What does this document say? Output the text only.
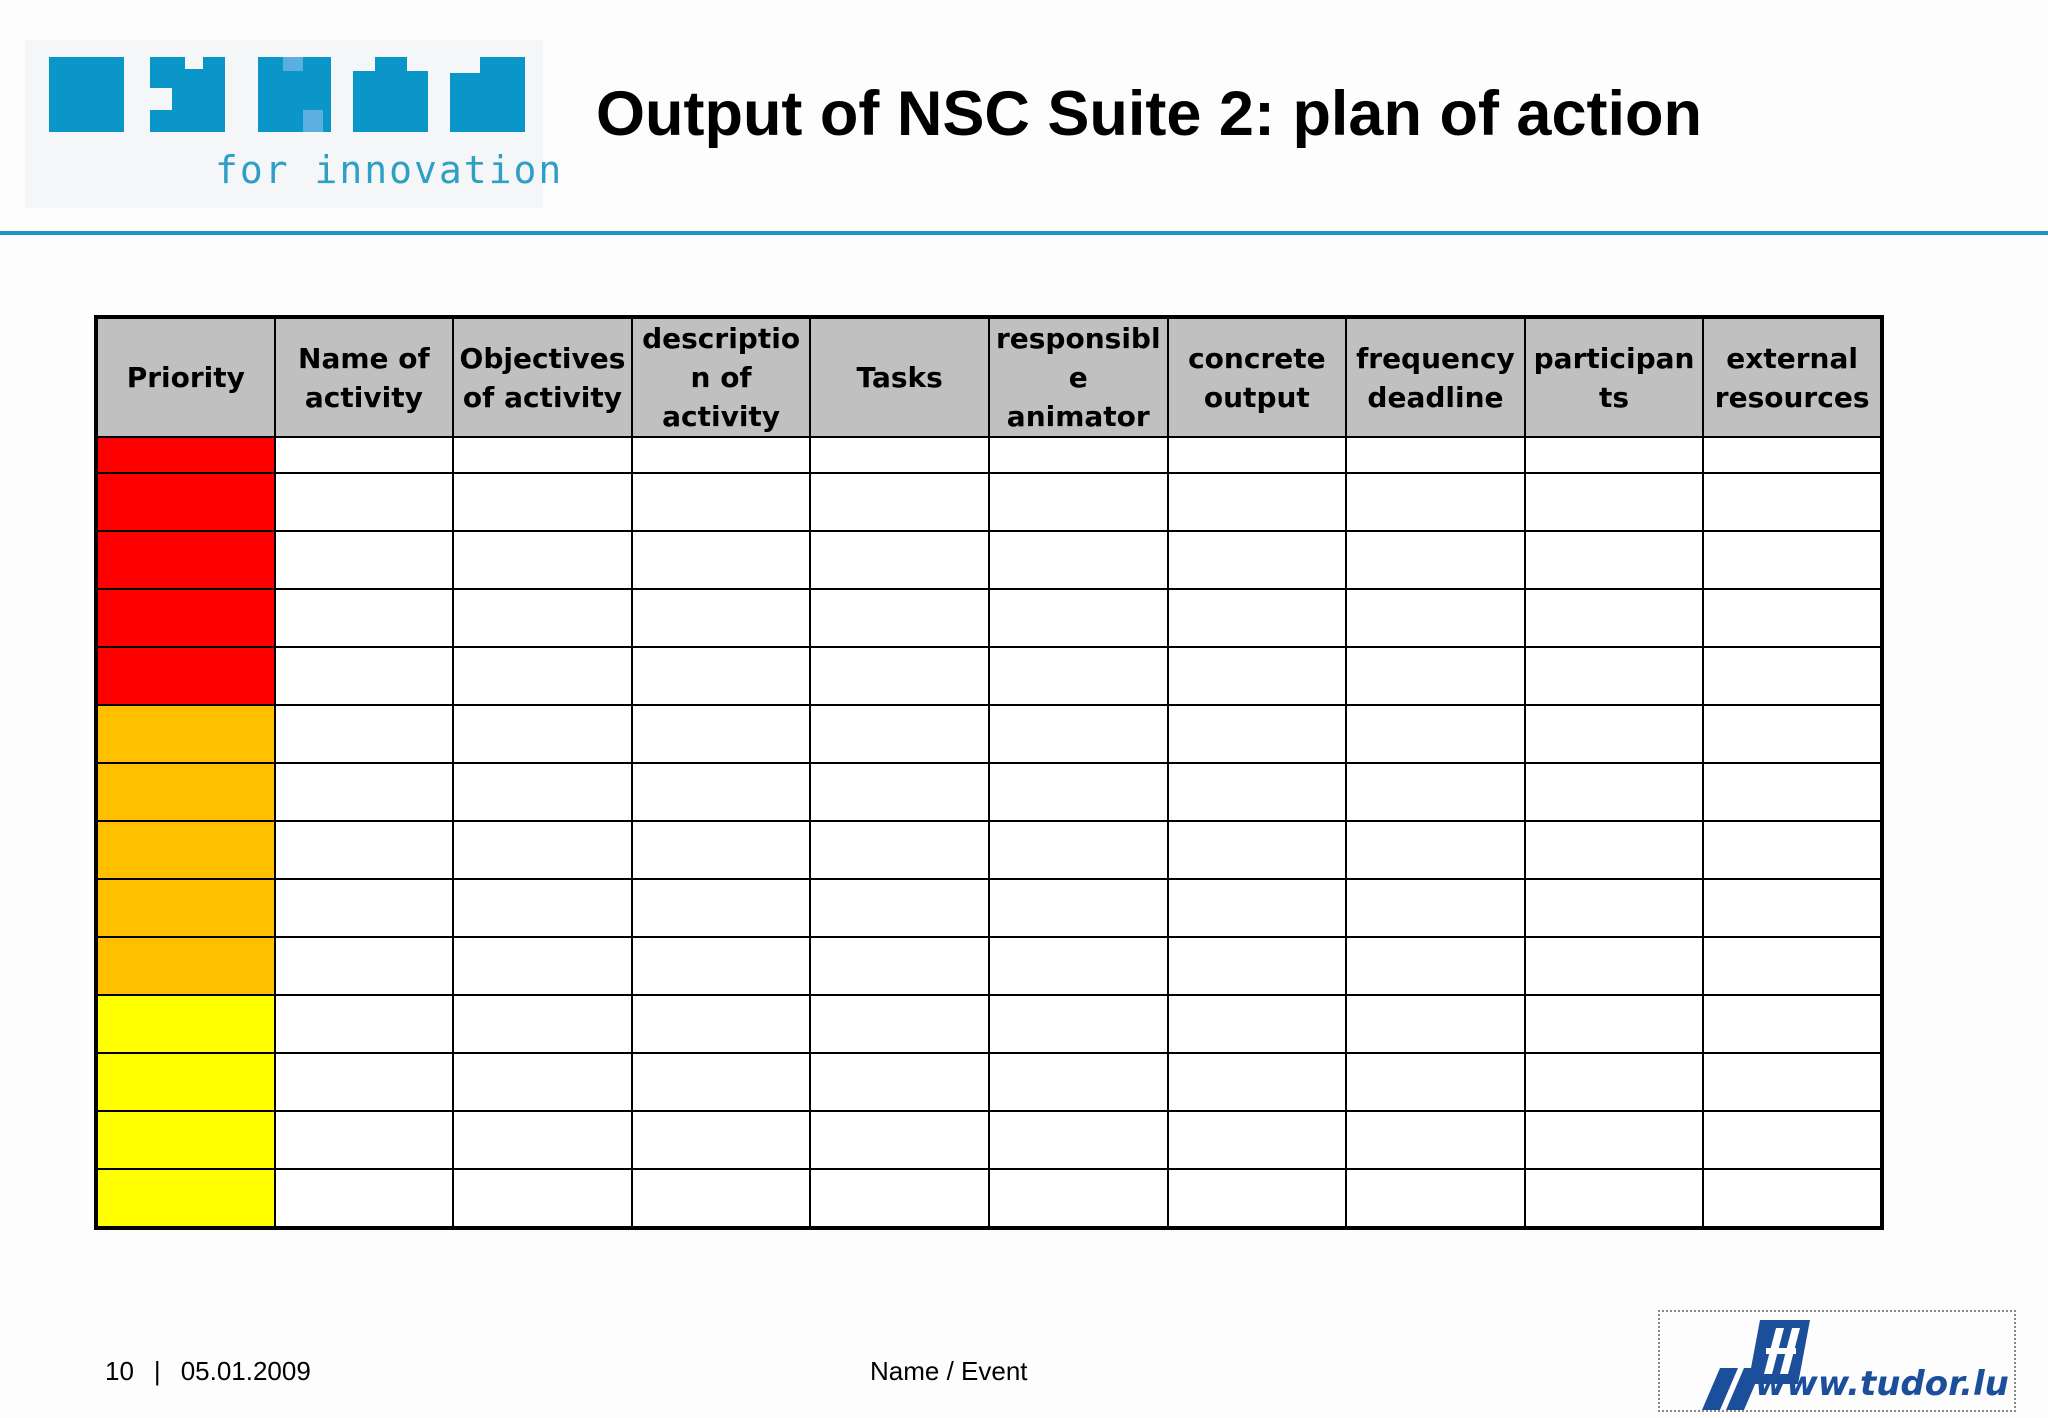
for innovation
Output of NSC Suite 2: plan of action
Priority	Name of activity	Objectives of activity	description of activity	Tasks	responsible animator	concrete output	frequency deadline	participants	external resources

10 | 05.01.2009	Name / Event	www.tudor.lu
